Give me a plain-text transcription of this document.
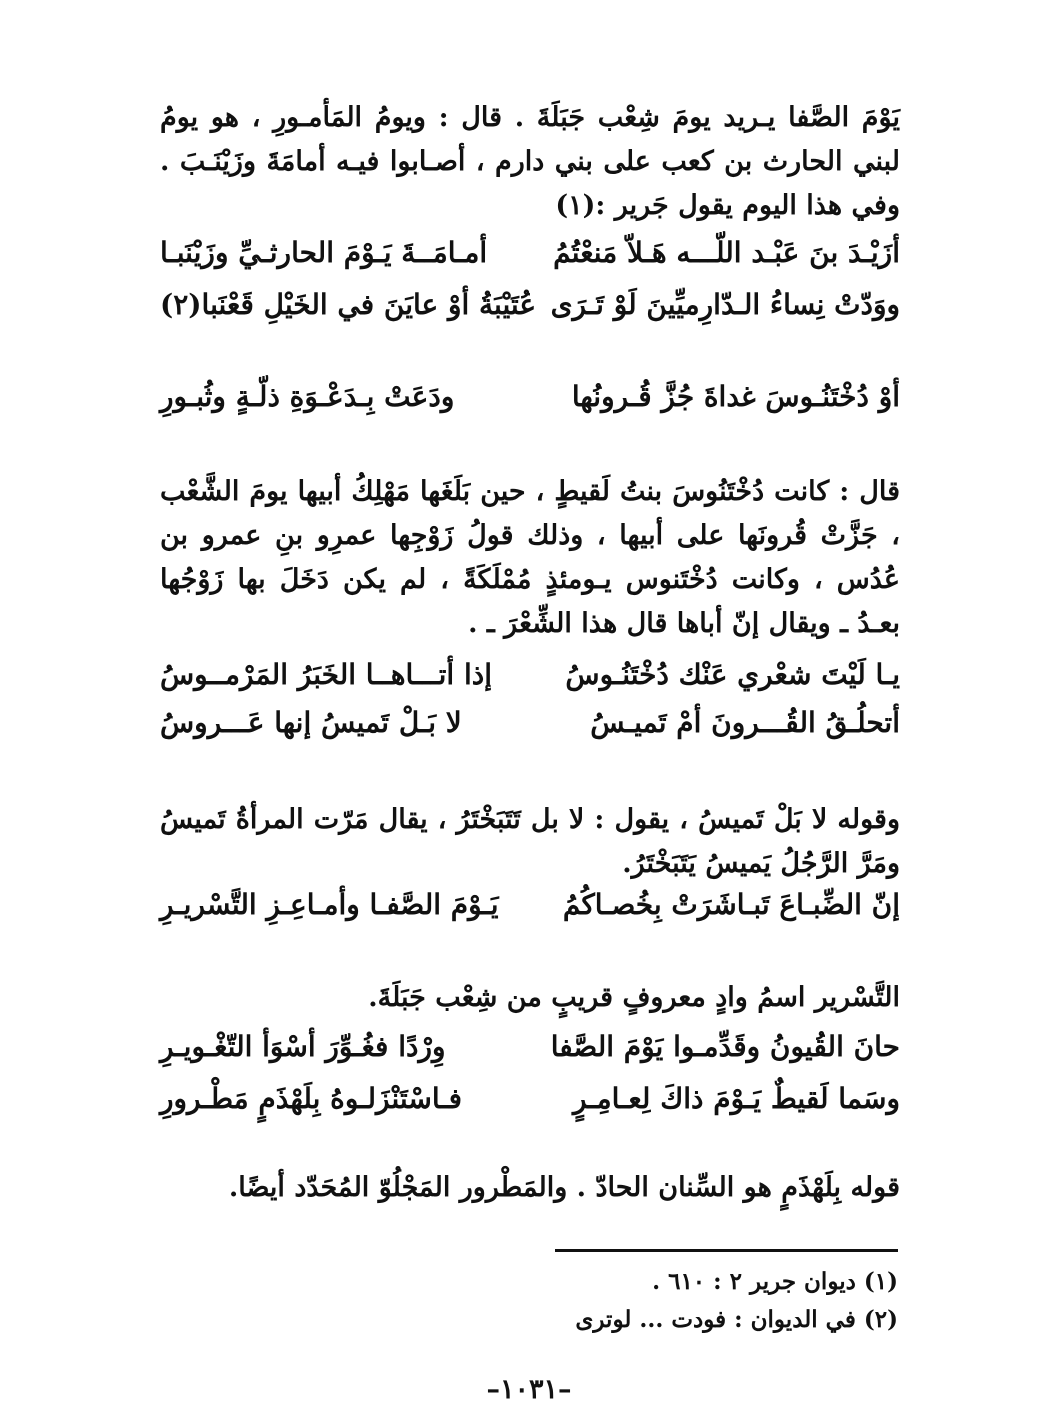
يَوْمَ الصَّفا يـريد يومَ شِعْب جَبَلَةَ . قال : ويومُ المَأمـورِ ، هو يومُ لبني الحارث بن كعب على بني دارم ، أصـابوا فيـه أمامَةَ وزَيْنَـبَ . وفي هذا اليوم يقول جَرير :(١)
أزَيْـدَ بنَ عَبْـد اللّـــه هَـلاّ مَنعْتُمُ
أمـامَــةَ يَـوْمَ الحارثـيِّ وزَيْنَبـا
ووَدّتْ نِساءُ الـدّارِميِّينَ لَوْ تَـرَى
عُتَيْبَةُ أوْ عايَنَ في الخَيْلِ قَعْنَبا(٢)
أوْ دُخْتَنُـوسَ غداةَ جُزَّ قُـرونُها
ودَعَتْ بِـدَعْـوَةِ ذلّـةٍ وثُبـورِ
قال : كانت دُخْتَنُوسَ بنتُ لَقيطٍ ، حين بَلَغَها مَهْلِكُ أبيها يومَ الشَّعْب ، جَزَّتْ قُرونَها على أبيها ، وذلك قولُ زَوْجِها عمرِو بنِ عمرو بن عُدُس ، وكانت دُخْتَنوس يـومئذٍ مُمْلَكَةً ، لم يكن دَخَلَ بها زَوْجُها بعـدُ ـ ويقال إنّ أباها قال هذا الشِّعْرَ ـ .
يـا لَيْتَ شعْري عَنْك دُخْتَنُـوسُ
إذا أتـــاهــا الخَبَرُ المَرْمــوسُ
أتحلُـقُ القُـــرونَ أمْ تَميـسُ
لا بَـلْ تَميسُ إنها عَـــروسُ
وقوله لا بَلْ تَميسُ ، يقول : لا بل تَتَبَخْتَرُ ، يقال مَرّت المرأةُ تَميسُ ومَرَّ الرَّجُلُ يَميسُ يَتَبَخْتَرُ.
إنّ الضِّبـاعَ تَبـاشَرَتْ بِخُصـاكُمُ
يَـوْمَ الصَّفـا وأمـاعِـزِ التَّسْريـرِ
التَّسْرير اسمُ وادٍ معروفٍ قريبٍ من شِعْب جَبَلَةَ.
حانَ القُيونُ وقَدِّمـوا يَوْمَ الصَّفا
وِرْدًا فغُـوِّرَ أسْوَأ التّغْـويـرِ
وسَما لَقيطٌ يَـوْمَ ذاكَ لِعـامِـرٍ
فـاسْتَنْزَلـوهُ بِلَهْذَمٍ مَطْـرورِ
قوله بِلَهْذَمٍ هو السِّنان الحادّ . والمَطْرور المَجْلُوّ المُحَدّد أيضًا.
(١) ديوان جرير ٢ : ٦١٠ .
(٢) في الديوان : فودت ... لوترى
–١٠٣١–
